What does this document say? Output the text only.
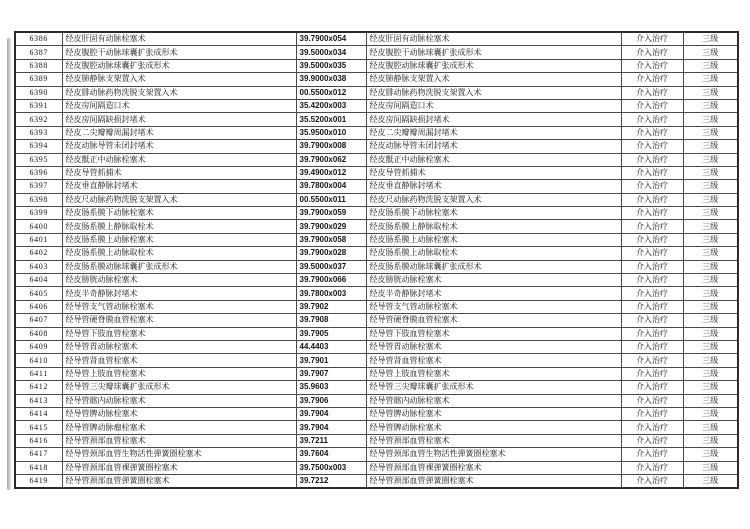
6386	经皮肝固有动脉栓塞术	39.7900x054	经皮肝固有动脉栓塞术	介入治疗	三级
6387	经皮腹腔干动脉球囊扩张成形术	39.5000x034	经皮腹腔干动脉球囊扩张成形术	介入治疗	三级
6388	经皮腹腔动脉球囊扩张成形术	39.5000x035	经皮腹腔动脉球囊扩张成形术	介入治疗	三级
6389	经皮肺静脉支架置入术	39.9000x038	经皮肺静脉支架置入术	介入治疗	三级
6390	经皮腓动脉药物洗脱支架置入术	00.5500x012	经皮腓动脉药物洗脱支架置入术	介入治疗	三级
6391	经皮房间隔造口术	35.4200x003	经皮房间隔造口术	介入治疗	三级
6392	经皮房间隔缺损封堵术	35.5200x001	经皮房间隔缺损封堵术	介入治疗	三级
6393	经皮二尖瓣瓣周漏封堵术	35.9500x010	经皮二尖瓣瓣周漏封堵术	介入治疗	三级
6394	经皮动脉导管未闭封堵术	39.7900x008	经皮动脉导管未闭封堵术	介入治疗	三级
6395	经皮骶正中动脉栓塞术	39.7900x062	经皮骶正中动脉栓塞术	介入治疗	三级
6396	经皮导管抓捕术	39.4900x012	经皮导管抓捕术	介入治疗	三级
6397	经皮垂直静脉封堵术	39.7800x004	经皮垂直静脉封堵术	介入治疗	三级
6398	经皮尺动脉药物洗脱支架置入术	00.5500x011	经皮尺动脉药物洗脱支架置入术	介入治疗	三级
6399	经皮肠系膜下动脉栓塞术	39.7900x059	经皮肠系膜下动脉栓塞术	介入治疗	三级
6400	经皮肠系膜上静脉取栓术	39.7900x029	经皮肠系膜上静脉取栓术	介入治疗	三级
6401	经皮肠系膜上动脉栓塞术	39.7900x058	经皮肠系膜上动脉栓塞术	介入治疗	三级
6402	经皮肠系膜上动脉取栓术	39.7900x028	经皮肠系膜上动脉取栓术	介入治疗	三级
6403	经皮肠系膜动脉球囊扩张成形术	39.5000x037	经皮肠系膜动脉球囊扩张成形术	介入治疗	三级
6404	经皮膀胱动脉栓塞术	39.7900x066	经皮膀胱动脉栓塞术	介入治疗	三级
6405	经皮半奇静脉封堵术	39.7800x003	经皮半奇静脉封堵术	介入治疗	三级
6406	经导管支气管动脉栓塞术	39.7902	经导管支气管动脉栓塞术	介入治疗	三级
6407	经导管硬脊膜血管栓塞术	39.7908	经导管硬脊膜血管栓塞术	介入治疗	三级
6408	经导管下肢血管栓塞术	39.7905	经导管下肢血管栓塞术	介入治疗	三级
6409	经导管胃动脉栓塞术	44.4403	经导管胃动脉栓塞术	介入治疗	三级
6410	经导管肾血管栓塞术	39.7901	经导管肾血管栓塞术	介入治疗	三级
6411	经导管上肢血管栓塞术	39.7907	经导管上肢血管栓塞术	介入治疗	三级
6412	经导管三尖瓣球囊扩张成形术	35.9603	经导管三尖瓣球囊扩张成形术	介入治疗	三级
6413	经导管髂内动脉栓塞术	39.7906	经导管髂内动脉栓塞术	介入治疗	三级
6414	经导管脾动脉栓塞术	39.7904	经导管脾动脉栓塞术	介入治疗	三级
6415	经导管脾动脉瘤栓塞术	39.7904	经导管脾动脉栓塞术	介入治疗	三级
6416	经导管颈部血管栓塞术	39.7211	经导管颈部血管栓塞术	介入治疗	三级
6417	经导管颈部血管生物活性弹簧圈栓塞术	39.7604	经导管颈部血管生物活性弹簧圈栓塞术	介入治疗	三级
6418	经导管颈部血管裸弹簧圈栓塞术	39.7500x003	经导管颈部血管裸弹簧圈栓塞术	介入治疗	三级
6419	经导管颈部血管弹簧圈栓塞术	39.7212	经导管颈部血管弹簧圈栓塞术	介入治疗	三级
